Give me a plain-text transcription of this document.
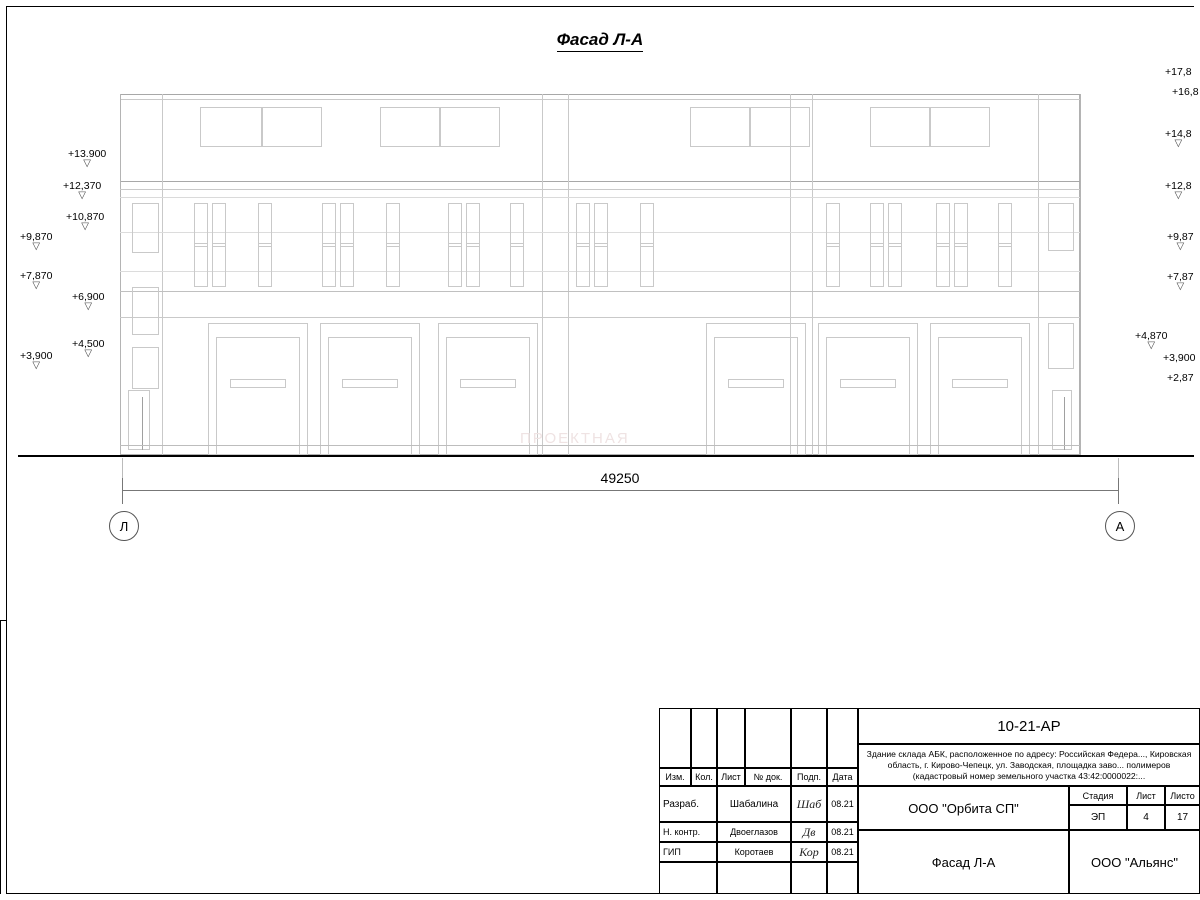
Фасад Л-А
ПРОЕКТНАЯ
+13.900
▽
+12,370
▽
+10,870
▽
+9,870
▽
+7,870
▽
+6,900
▽
+4,500
▽
+3,900
▽
+17,8
+16,8
+14,8
▽
+12,8
▽
+9,87
▽
+7,87
▽
+4,870
▽
+3,900
+2,87
49250
Л	А
10-21-АР
Здание склада АБК, расположенное по адресу: Российская Федера..., Кировская область, г. Кирово-Чепецк, ул. Заводская, площадка заво... полимеров (кадастровый номер земельного участка 43:42:0000022:...
Изм. Кол. Лист № док. Подп. Дата
Разраб.	Шабалина Шаб 08.21
Н. контр.	Двоеглазов Дв 08.21
ГИП	Коротаев Кор 08.21
ООО "Орбита СП"
Фасад Л-А
Стадия	Лист Листо
ЭП	4	17
ООО "Альянс"
